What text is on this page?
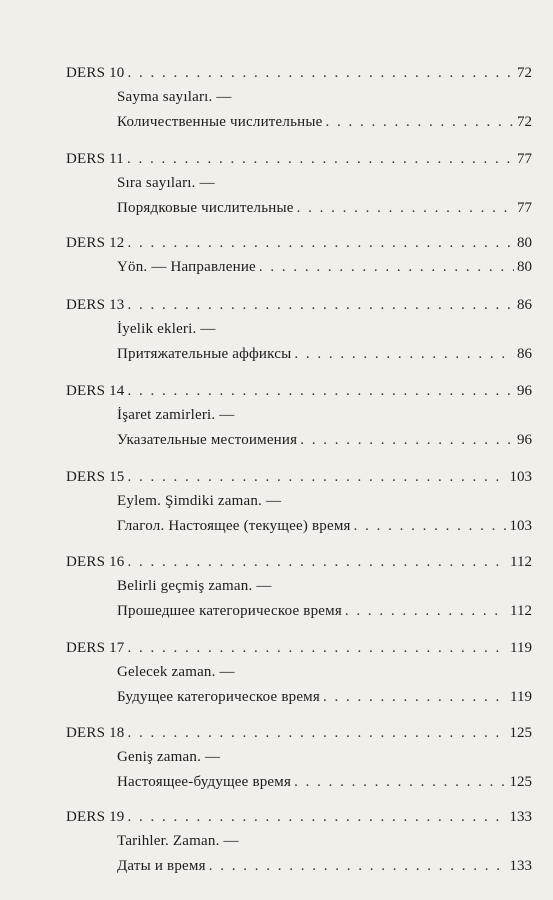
DERS 10 . . .	72
Sayma sayıları. —
Количественные числительные . . .	72
DERS 11 . . .	77
Sıra sayıları. —
Порядковые числительные . . .	77
DERS 12 . . .	80
Yön. — Направление . . .	80
DERS 13 . . .	86
İyelik ekleri. —
Притяжательные аффиксы . . .	86
DERS 14 . . .	96
İşaret zamirleri. —
Указательные местоимения . . .	96
DERS 15 . . .	103
Eylem. Şimdiki zaman. —
Глагол. Настоящее (текущее) время . . .	103
DERS 16 . . .	112
Belirli geçmiş zaman. —
Прошедшее категорическое время . . .	112
DERS 17 . . .	119
Gelecek zaman. —
Будущее категорическое время . . .	119
DERS 18 . . .	125
Geniş zaman. —
Настоящее-будущее время . . .	125
DERS 19 . . .	133
Tarihler. Zaman. —
Даты и время . . .	133
